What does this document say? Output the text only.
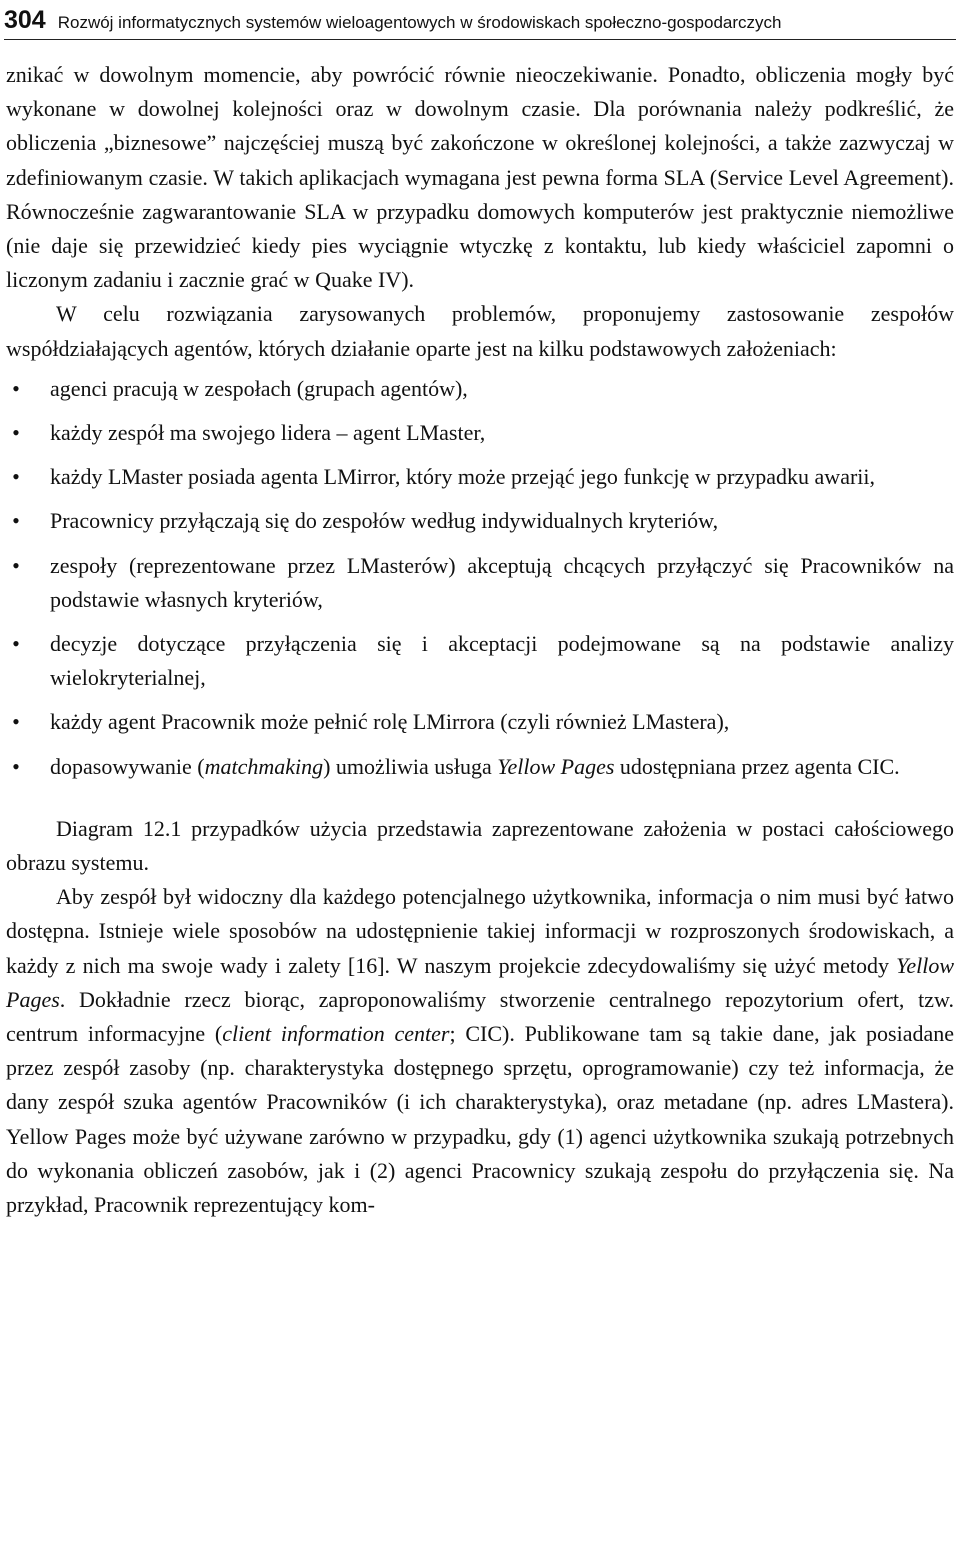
304 Rozwój informatycznych systemów wieloagentowych w środowiskach społeczno-gospodarczych

znikać w dowolnym momencie, aby powrócić równie nieoczekiwanie. Ponadto, obliczenia mogły być wykonane w dowolnej kolejności oraz w dowolnym czasie. Dla porównania należy podkreślić, że obliczenia „biznesowe” najczęściej muszą być zakończone w określonej kolejności, a także zazwyczaj w zdefiniowanym czasie. W takich aplikacjach wymagana jest pewna forma SLA (Service Level Agreement). Równocześnie zagwarantowanie SLA w przypadku domowych komputerów jest praktycznie niemożliwe (nie daje się przewidzieć kiedy pies wyciągnie wtyczkę z kontaktu, lub kiedy właściciel zapomni o liczonym zadaniu i zacznie grać w Quake IV).

W celu rozwiązania zarysowanych problemów, proponujemy zastosowanie zespołów współdziałających agentów, których działanie oparte jest na kilku podstawowych założeniach:

• agenci pracują w zespołach (grupach agentów),
• każdy zespół ma swojego lidera – agent LMaster,
• każdy LMaster posiada agenta LMirror, który może przejąć jego funkcję w przypadku awarii,
• Pracownicy przyłączają się do zespołów według indywidualnych kryteriów,
• zespoły (reprezentowane przez LMasterów) akceptują chcących przyłączyć się Pracowników na podstawie własnych kryteriów,
• decyzje dotyczące przyłączenia się i akceptacji podejmowane są na podstawie analizy wielokryterialnej,
• każdy agent Pracownik może pełnić rolę LMirrora (czyli również LMastera),
• dopasowywanie (matchmaking) umożliwia usługa Yellow Pages udostępniana przez agenta CIC.

Diagram 12.1 przypadków użycia przedstawia zaprezentowane założenia w postaci całościowego obrazu systemu.

Aby zespół był widoczny dla każdego potencjalnego użytkownika, informacja o nim musi być łatwo dostępna. Istnieje wiele sposobów na udostępnienie takiej informacji w rozproszonych środowiskach, a każdy z nich ma swoje wady i zalety [16]. W naszym projekcie zdecydowaliśmy się użyć metody Yellow Pages. Dokładnie rzecz biorąc, zaproponowaliśmy stworzenie centralnego repozytorium ofert, tzw. centrum informacyjne (client information center; CIC). Publikowane tam są takie dane, jak posiadane przez zespół zasoby (np. charakterystyka dostępnego sprzętu, oprogramowanie) czy też informacja, że dany zespół szuka agentów Pracowników (i ich charakterystyka), oraz metadane (np. adres LMastera). Yellow Pages może być używane zarówno w przypadku, gdy (1) agenci użytkownika szukają potrzebnych do wykonania obliczeń zasobów, jak i (2) agenci Pracownicy szukają zespołu do przyłączenia się. Na przykład, Pracownik reprezentujący kom-
